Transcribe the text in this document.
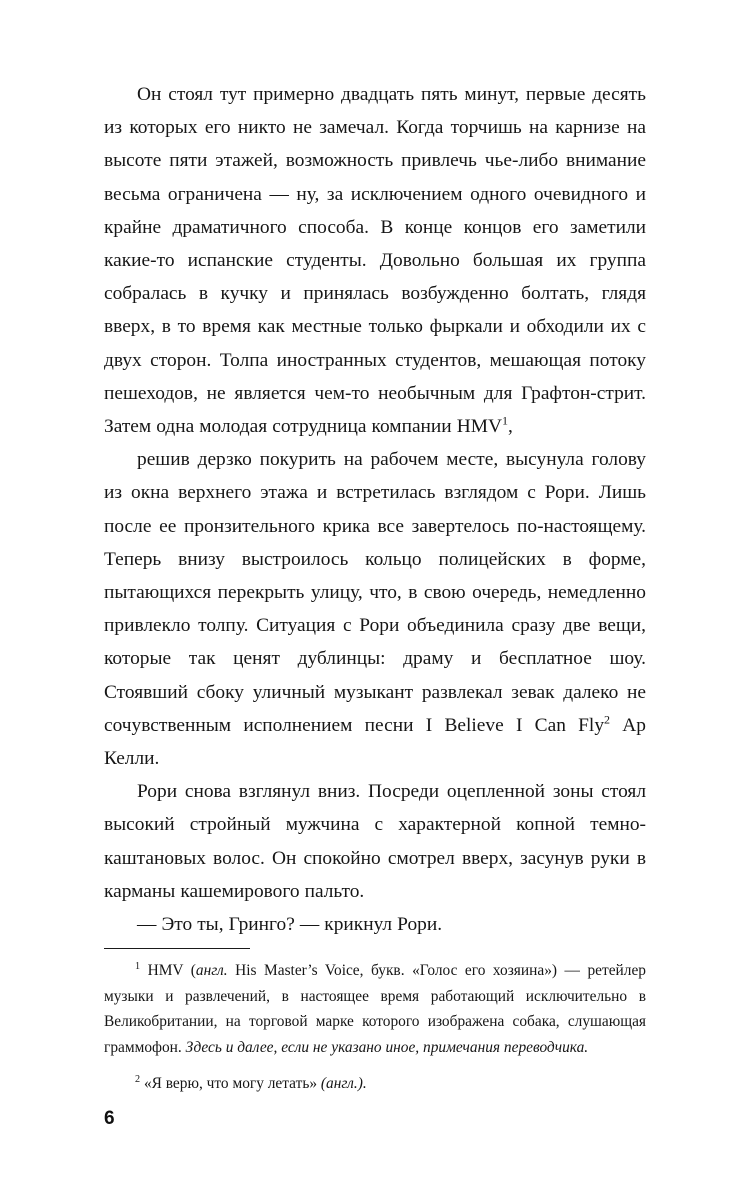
Он стоял тут примерно двадцать пять минут, первые десять из которых его никто не замечал. Когда торчишь на карнизе на высоте пяти этажей, возможность привлечь чье-либо внимание весьма ограничена — ну, за исключением одного очевидного и крайне драматичного способа. В конце концов его заметили какие-то испанские студенты. Довольно большая их группа собралась в кучку и принялась возбужденно болтать, глядя вверх, в то время как местные только фыркали и обходили их с двух сторон. Толпа иностранных студентов, мешающая потоку пешеходов, не является чем-то необычным для Графтон-стрит. Затем одна молодая сотрудница компании HMV$^1$,

решив дерзко покурить на рабочем месте, высунула голову из окна верхнего этажа и встретилась взглядом с Рори. Лишь после ее пронзительного крика все завертелось по-настоящему. Теперь внизу выстроилось кольцо полицейских в форме, пытающихся перекрыть улицу, что, в свою очередь, немедленно привлекло толпу. Ситуация с Рори объединила сразу две вещи, которые так ценят дублинцы: драму и бесплатное шоу. Стоявший сбоку уличный музыкант развлекал зевак далеко не сочувственным исполнением песни I Believe I Can Fly$^2$ Ар Келли.

Рори снова взглянул вниз. Посреди оцепленной зоны стоял высокий стройный мужчина с характерной копной темно-каштановых волос. Он спокойно смотрел вверх, засунув руки в карманы кашемирового пальто.

— Это ты, Гринго? — крикнул Рори.

$^1$ HMV (англ. His Master’s Voice, букв. «Голос его хозяина») — ретейлер музыки и развлечений, в настоящее время работающий исключительно в Великобритании, на торговой марке которого изображена собака, слушающая граммофон. Здесь и далее, если не указано иное, примечания переводчика.

$^2$ «Я верю, что могу летать» (англ.).

6
